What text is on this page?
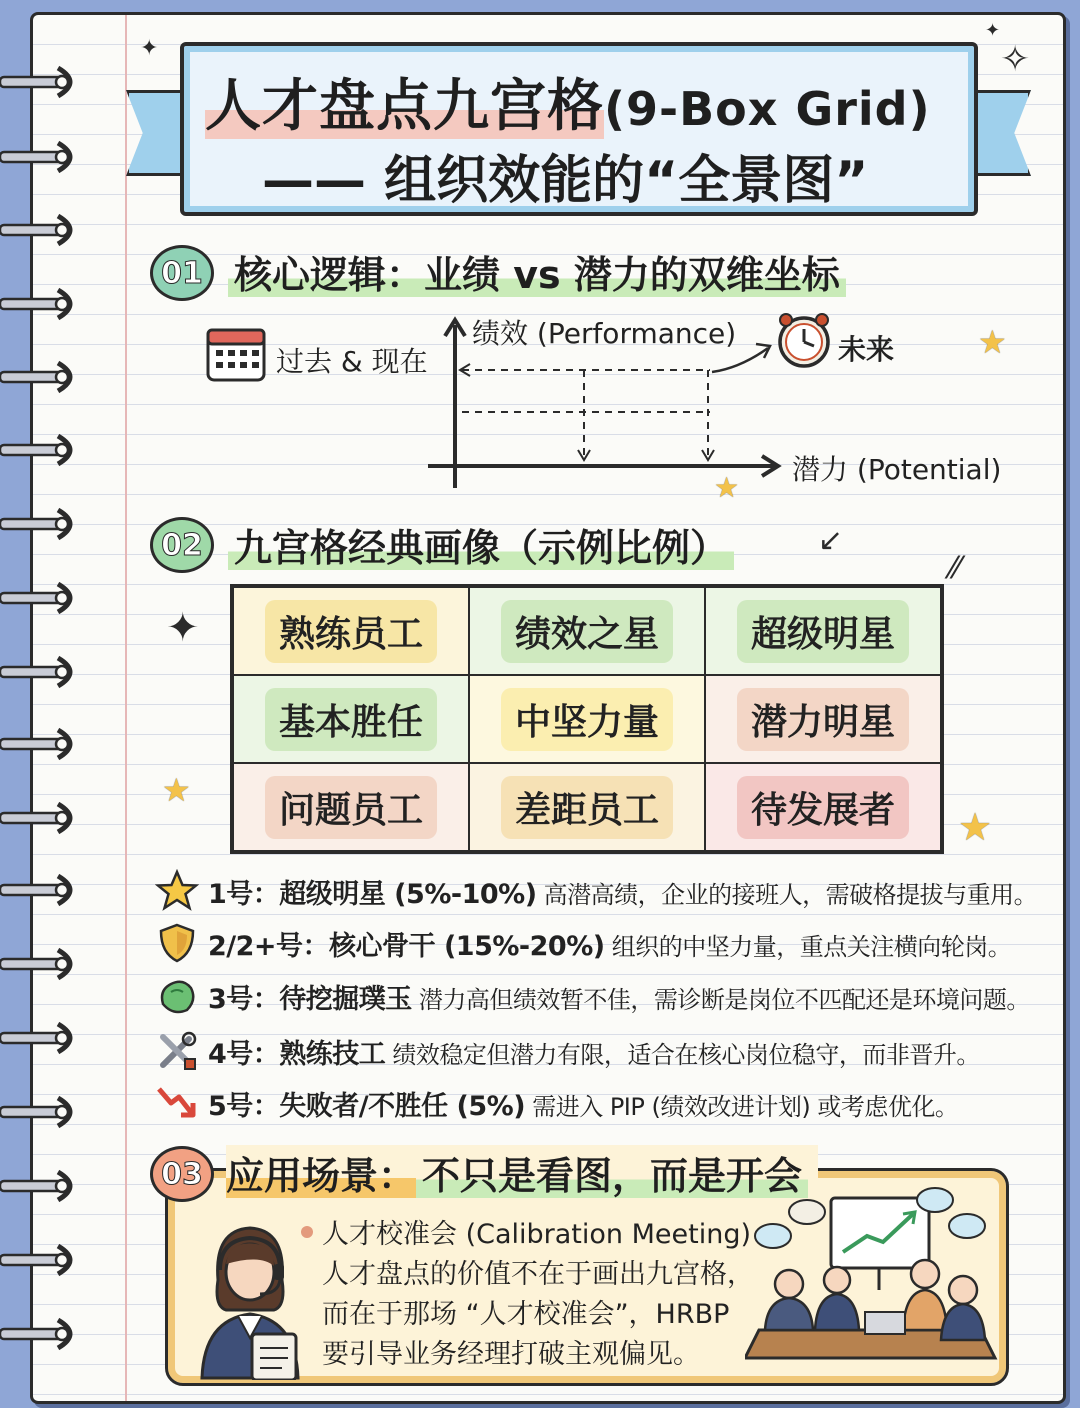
人才盘点九宫格(9-Box Grid)
—— 组织效能的“全景图”
✦	✧
✦
01 核心逻辑：业绩 vs 潜力的双维坐标
过去 & 现在
绩效 (Performance)	未来
潜力 (Potential)
★
★
02 九宫格经典画像（示例比例）	↙
⁄⁄
熟练员工	绩效之星	超级明星
基本胜任	中坚力量	潜力明星
问题员工	差距员工	待发展者
✦
★
★
1号：超级明星 (5%-10%) 高潜高绩，企业的接班人，需破格提拔与重用。
2/2+号：核心骨干 (15%-20%) 组织的中坚力量，重点关注横向轮岗。
3号：待挖掘璞玉 潜力高但绩效暂不佳，需诊断是岗位不匹配还是环境问题。
4号：熟练技工 绩效稳定但潜力有限，适合在核心岗位稳守，而非晋升。
5号：失败者/不胜任 (5%) 需进入 PIP (绩效改进计划) 或考虑优化。
03 应用场景： 不只是看图，而是开会
人才校准会 (Calibration Meeting)
人才盘点的价值不在于画出九宫格，
而在于那场 “人才校准会”，HRBP
要引导业务经理打破主观偏见。
